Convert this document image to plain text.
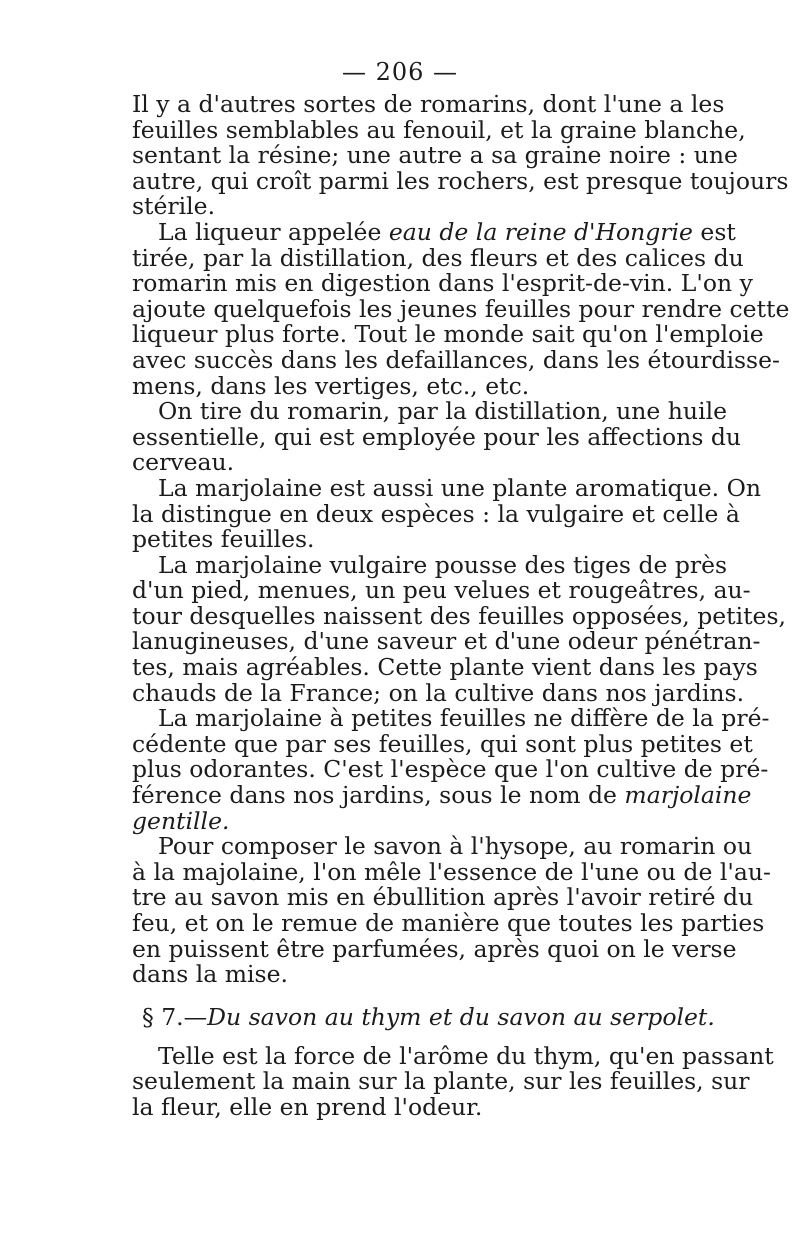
— 206 —
Il y a d'autres sortes de romarins, dont l'une a les
feuilles semblables au fenouil, et la graine blanche,
sentant la résine; une autre a sa graine noire : une
autre, qui croît parmi les rochers, est presque toujours
stérile.
La liqueur appelée eau de la reine d'Hongrie est
tirée, par la distillation, des fleurs et des calices du
romarin mis en digestion dans l'esprit-de-vin. L'on y
ajoute quelquefois les jeunes feuilles pour rendre cette
liqueur plus forte. Tout le monde sait qu'on l'emploie
avec succès dans les defaillances, dans les étourdisse-
mens, dans les vertiges, etc., etc.
On tire du romarin, par la distillation, une huile
essentielle, qui est employée pour les affections du
cerveau.
La marjolaine est aussi une plante aromatique. On
la distingue en deux espèces : la vulgaire et celle à
petites feuilles.
La marjolaine vulgaire pousse des tiges de près
d'un pied, menues, un peu velues et rougeâtres, au-
tour desquelles naissent des feuilles opposées, petites,
lanugineuses, d'une saveur et d'une odeur pénétran-
tes, mais agréables. Cette plante vient dans les pays
chauds de la France; on la cultive dans nos jardins.
La marjolaine à petites feuilles ne diffère de la pré-
cédente que par ses feuilles, qui sont plus petites et
plus odorantes. C'est l'espèce que l'on cultive de pré-
férence dans nos jardins, sous le nom de marjolaine
gentille.
Pour composer le savon à l'hysope, au romarin ou
à la majolaine, l'on mêle l'essence de l'une ou de l'au-
tre au savon mis en ébullition après l'avoir retiré du
feu, et on le remue de manière que toutes les parties
en puissent être parfumées, après quoi on le verse
dans la mise.
§ 7.—Du savon au thym et du savon au serpolet.
Telle est la force de l'arôme du thym, qu'en passant
seulement la main sur la plante, sur les feuilles, sur
la fleur, elle en prend l'odeur.
